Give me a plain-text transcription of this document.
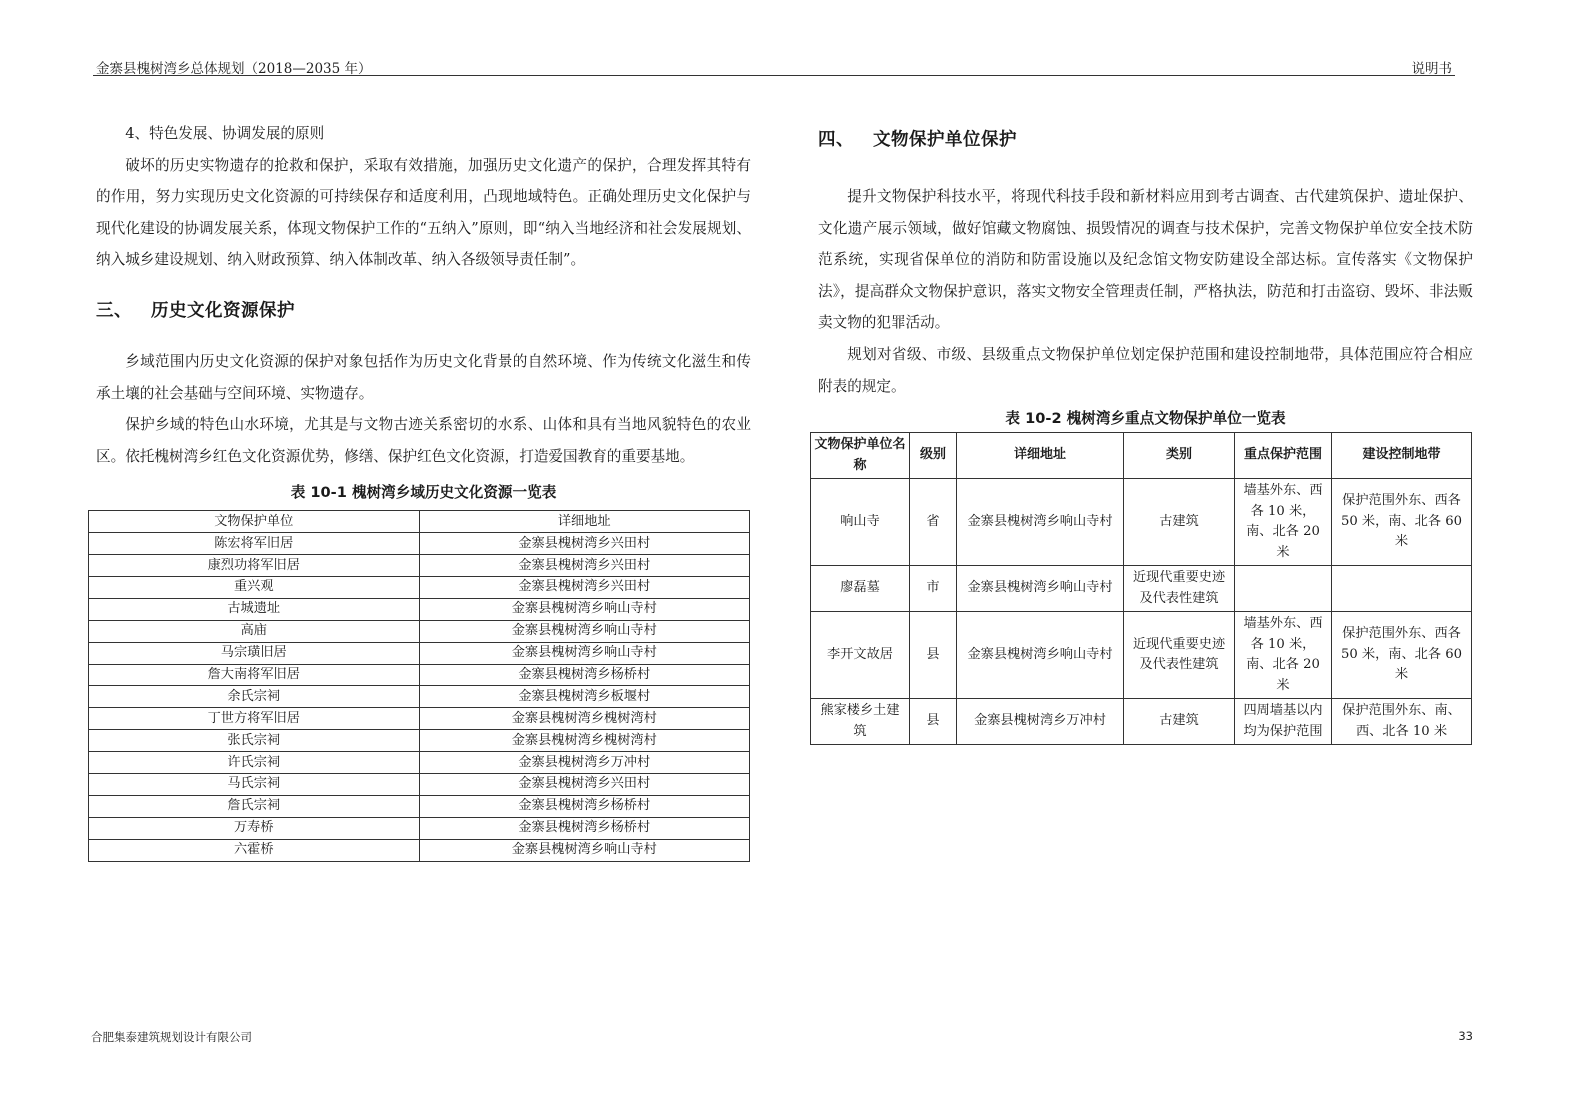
金寨县槐树湾乡总体规划（2018—2035 年）	说明书

4、特色发展、协调发展的原则

破坏的历史实物遗存的抢救和保护，采取有效措施，加强历史文化遗产的保护，合理发挥其特有的作用，努力实现历史文化资源的可持续保存和适度利用，凸现地域特色。正确处理历史文化保护与现代化建设的协调发展关系，体现文物保护工作的“五纳入”原则，即“纳入当地经济和社会发展规划、纳入城乡建设规划、纳入财政预算、纳入体制改革、纳入各级领导责任制”。

三、 历史文化资源保护

乡域范围内历史文化资源的保护对象包括作为历史文化背景的自然环境、作为传统文化滋生和传承土壤的社会基础与空间环境、实物遗存。

保护乡域的特色山水环境，尤其是与文物古迹关系密切的水系、山体和具有当地风貌特色的农业区。依托槐树湾乡红色文化资源优势，修缮、保护红色文化资源，打造爱国教育的重要基地。

表 10-1 槐树湾乡域历史文化资源一览表
文物保护单位	详细地址
陈宏将军旧居	金寨县槐树湾乡兴田村
康烈功将军旧居	金寨县槐树湾乡兴田村
重兴观	金寨县槐树湾乡兴田村
古城遗址	金寨县槐树湾乡响山寺村
高庙	金寨县槐树湾乡响山寺村
马宗璜旧居	金寨县槐树湾乡响山寺村
詹大南将军旧居	金寨县槐树湾乡杨桥村
余氏宗祠	金寨县槐树湾乡板堰村
丁世方将军旧居	金寨县槐树湾乡槐树湾村
张氏宗祠	金寨县槐树湾乡槐树湾村
许氏宗祠	金寨县槐树湾乡万冲村
马氏宗祠	金寨县槐树湾乡兴田村
詹氏宗祠	金寨县槐树湾乡杨桥村
万寿桥	金寨县槐树湾乡杨桥村
六霍桥	金寨县槐树湾乡响山寺村
四、 文物保护单位保护

提升文物保护科技水平，将现代科技手段和新材料应用到考古调查、古代建筑保护、遗址保护、文化遗产展示领域，做好馆藏文物腐蚀、损毁情况的调查与技术保护，完善文物保护单位安全技术防范系统，实现省保单位的消防和防雷设施以及纪念馆文物安防建设全部达标。宣传落实《文物保护法》，提高群众文物保护意识，落实文物安全管理责任制，严格执法，防范和打击盗窃、毁坏、非法贩卖文物的犯罪活动。

规划对省级、市级、县级重点文物保护单位划定保护范围和建设控制地带，具体范围应符合相应附表的规定。

表 10-2 槐树湾乡重点文物保护单位一览表
文物保护单位名称	级别	详细地址	类别	重点保护范围	建设控制地带
响山寺	省	金寨县槐树湾乡响山寺村	古建筑	墙基外东、西各 10 米，南、北各 20 米	保护范围外东、西各 50 米，南、北各 60 米
廖磊墓	市	金寨县槐树湾乡响山寺村	近现代重要史迹及代表性建筑		
李开文故居	县	金寨县槐树湾乡响山寺村	近现代重要史迹及代表性建筑	墙基外东、西各 10 米，南、北各 20 米	保护范围外东、西各 50 米，南、北各 60 米
熊家楼乡土建筑	县	金寨县槐树湾乡万冲村	古建筑	四周墙基以内均为保护范围	保护范围外东、南、西、北各 10 米
合肥集泰建筑规划设计有限公司	33
